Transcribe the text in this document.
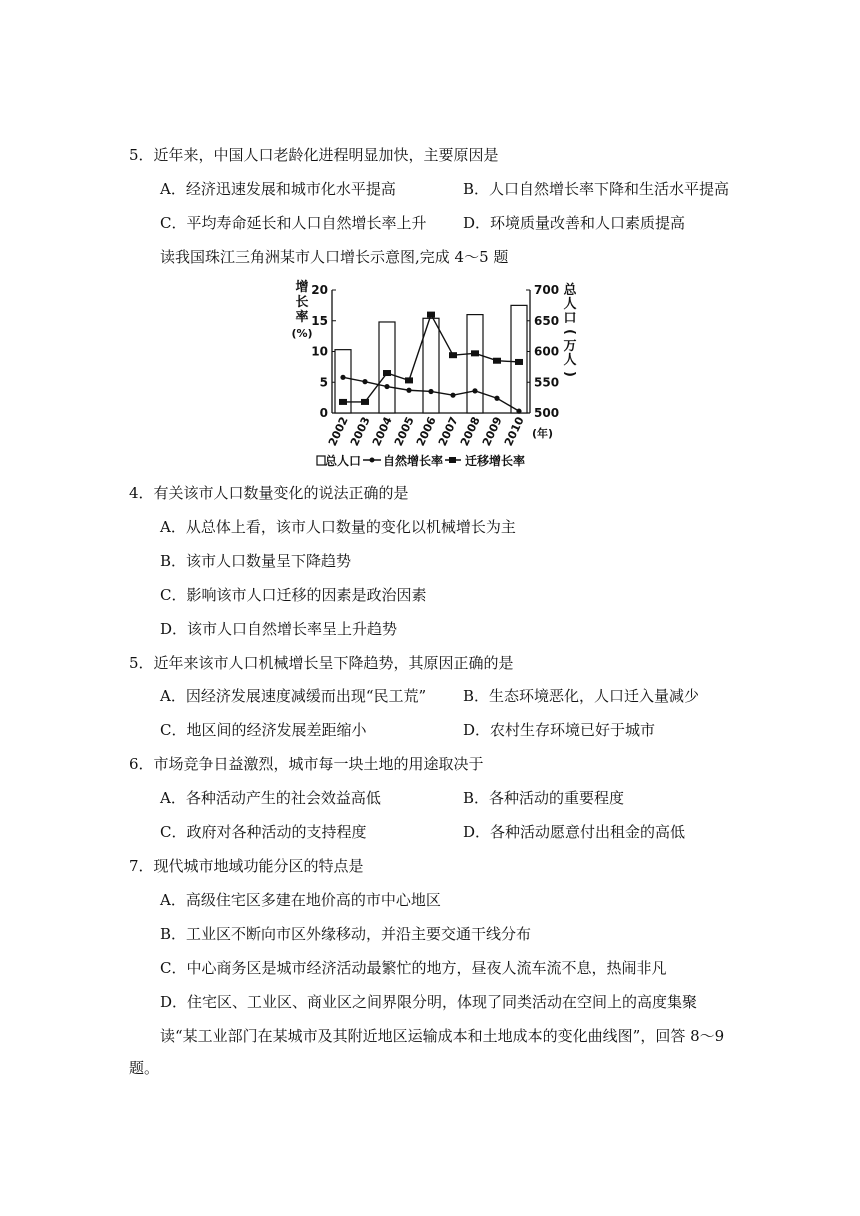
5．近年来，中国人口老龄化进程明显加快，主要原因是
A．经济迅速发展和城市化水平提高	B．人口自然增长率下降和生活水平提高
C．平均寿命延长和人口自然增长率上升 D．环境质量改善和人口素质提高
读我国珠江三角洲某市人口增长示意图,完成 4～5 题
20
15
10
5
0
700
650
600
550
500
2002
2003
2004
2005
2006
2007
2008
2009
2010 (年)
增
长
率
(%)
总
人
口
(
万
人
)
总人口 自然增长率 迁移增长率
4．有关该市人口数量变化的说法正确的是
A．从总体上看，该市人口数量的变化以机械增长为主
B．该市人口数量呈下降趋势
C．影响该市人口迁移的因素是政治因素
D．该市人口自然增长率呈上升趋势
5．近年来该市人口机械增长呈下降趋势，其原因正确的是
A．因经济发展速度减缓而出现“民工荒” B．生态环境恶化，人口迁入量减少
C．地区间的经济发展差距缩小	D．农村生存环境已好于城市
6．市场竞争日益激烈，城市每一块土地的用途取决于
A．各种活动产生的社会效益高低	B．各种活动的重要程度
C．政府对各种活动的支持程度	D．各种活动愿意付出租金的高低
7．现代城市地域功能分区的特点是
A．高级住宅区多建在地价高的市中心地区
B．工业区不断向市区外缘移动，并沿主要交通干线分布
C．中心商务区是城市经济活动最繁忙的地方，昼夜人流车流不息，热闹非凡
D．住宅区、工业区、商业区之间界限分明，体现了同类活动在空间上的高度集聚
读“某工业部门在某城市及其附近地区运输成本和土地成本的变化曲线图”，回答 8～9
题。
